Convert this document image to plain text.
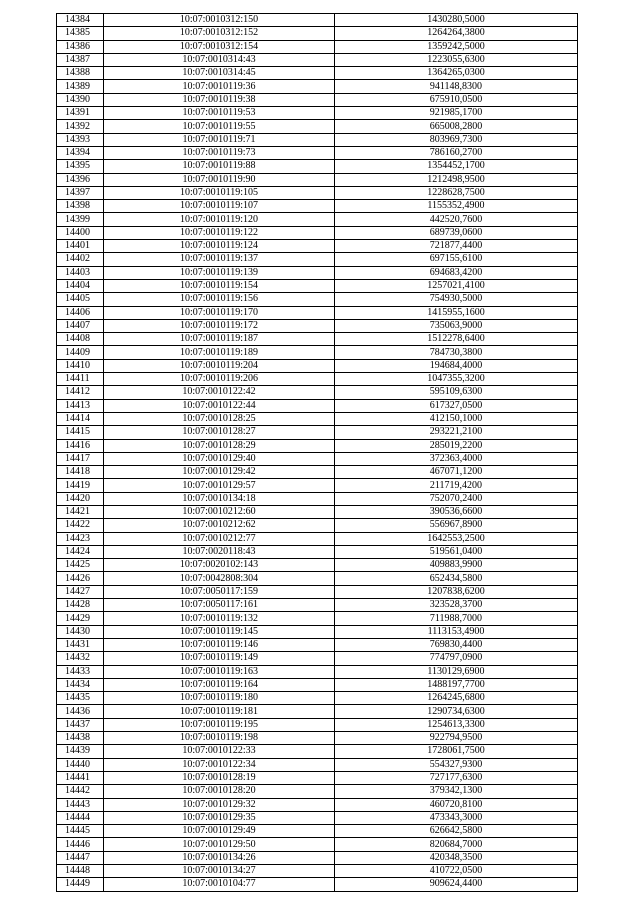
14384	10:07:0010312:150	1430280,5000
14385	10:07:0010312:152	1264264,3800
14386	10:07:0010312:154	1359242,5000
14387	10:07:0010314:43	1223055,6300
14388	10:07:0010314:45	1364265,0300
14389	10:07:0010119:36	941148,8300
14390	10:07:0010119:38	675910,0500
14391	10:07:0010119:53	921985,1700
14392	10:07:0010119:55	665008,2800
14393	10:07:0010119:71	803969,7300
14394	10:07:0010119:73	786160,2700
14395	10:07:0010119:88	1354452,1700
14396	10:07:0010119:90	1212498,9500
14397	10:07:0010119:105	1228628,7500
14398	10:07:0010119:107	1155352,4900
14399	10:07:0010119:120	442520,7600
14400	10:07:0010119:122	689739,0600
14401	10:07:0010119:124	721877,4400
14402	10:07:0010119:137	697155,6100
14403	10:07:0010119:139	694683,4200
14404	10:07:0010119:154	1257021,4100
14405	10:07:0010119:156	754930,5000
14406	10:07:0010119:170	1415955,1600
14407	10:07:0010119:172	735063,9000
14408	10:07:0010119:187	1512278,6400
14409	10:07:0010119:189	784730,3800
14410	10:07:0010119:204	194684,4000
14411	10:07:0010119:206	1047355,3200
14412	10:07:0010122:42	595109,6300
14413	10:07:0010122:44	617327,0500
14414	10:07:0010128:25	412150,1000
14415	10:07:0010128:27	293221,2100
14416	10:07:0010128:29	285019,2200
14417	10:07:0010129:40	372363,4000
14418	10:07:0010129:42	467071,1200
14419	10:07:0010129:57	211719,4200
14420	10:07:0010134:18	752070,2400
14421	10:07:0010212:60	390536,6600
14422	10:07:0010212:62	556967,8900
14423	10:07:0010212:77	1642553,2500
14424	10:07:0020118:43	519561,0400
14425	10:07:0020102:143	409883,9900
14426	10:07:0042808:304	652434,5800
14427	10:07:0050117:159	1207838,6200
14428	10:07:0050117:161	323528,3700
14429	10:07:0010119:132	711988,7000
14430	10:07:0010119:145	1113153,4900
14431	10:07:0010119:146	769830,4400
14432	10:07:0010119:149	774797,0900
14433	10:07:0010119:163	1130129,6900
14434	10:07:0010119:164	1488197,7700
14435	10:07:0010119:180	1264245,6800
14436	10:07:0010119:181	1290734,6300
14437	10:07:0010119:195	1254613,3300
14438	10:07:0010119:198	922794,9500
14439	10:07:0010122:33	1728061,7500
14440	10:07:0010122:34	554327,9300
14441	10:07:0010128:19	727177,6300
14442	10:07:0010128:20	379342,1300
14443	10:07:0010129:32	460720,8100
14444	10:07:0010129:35	473343,3000
14445	10:07:0010129:49	626642,5800
14446	10:07:0010129:50	820684,7000
14447	10:07:0010134:26	420348,3500
14448	10:07:0010134:27	410722,0500
14449	10:07:0010104:77	909624,4400
